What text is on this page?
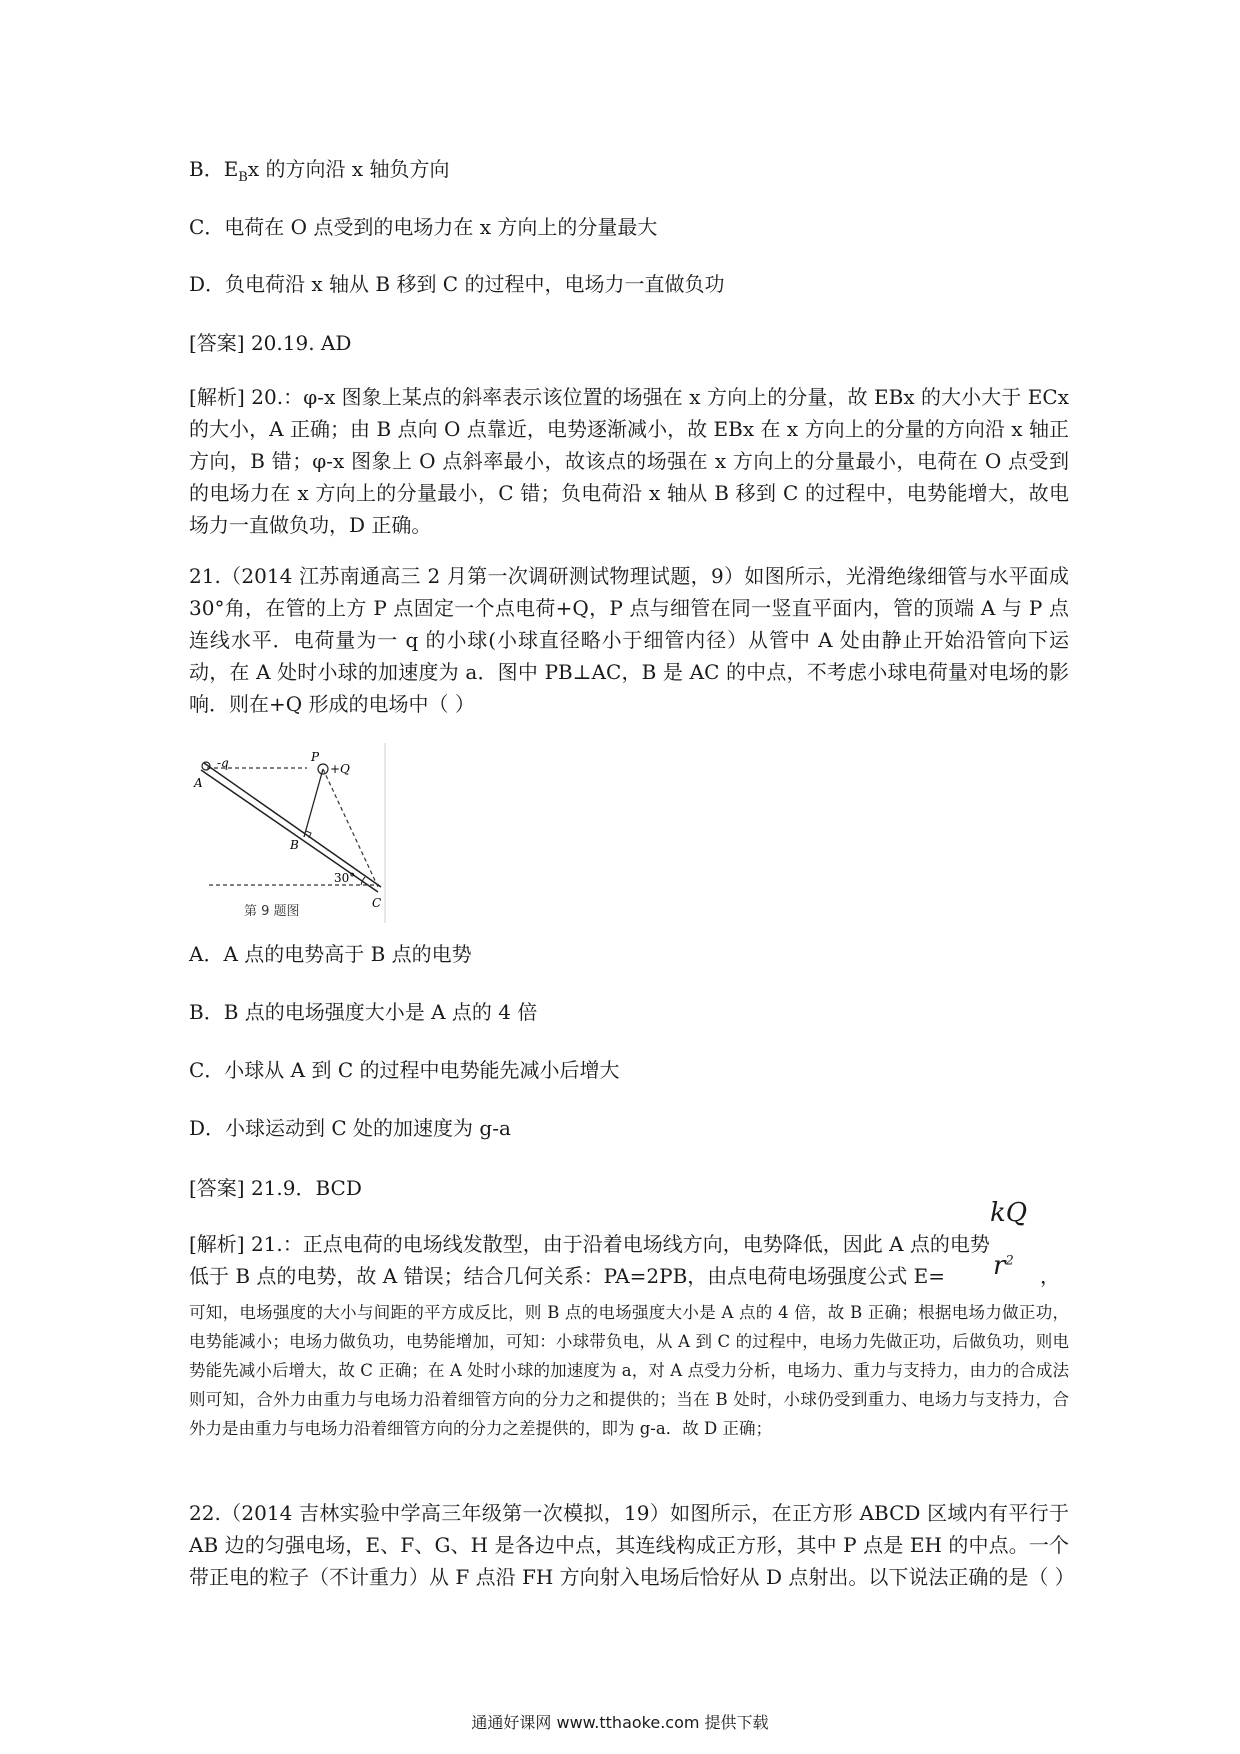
B．$E_Bx$ 的方向沿 x 轴负方向
C．电荷在 O 点受到的电场力在 x 方向上的分量最大
D．负电荷沿 x 轴从 B 移到 C 的过程中，电场力一直做负功
[答案] 20.19. AD
[解析] 20.：φ-x 图象上某点的斜率表示该位置的场强在 x 方向上的分量，故 EBx 的大小大于 ECx 的大小，A 正确；由 B 点向 O 点靠近，电势逐渐减小，故 EBx 在 x 方向上的分量的方向沿 x 轴正方向，B 错；φ-x 图象上 O 点斜率最小，故该点的场强在 x 方向上的分量最小，电荷在 O 点受到的电场力在 x 方向上的分量最小，C 错；负电荷沿 x 轴从 B 移到 C 的过程中，电势能增大，故电场力一直做负功，D 正确。
21.（2014 江苏南通高三 2 月第一次调研测试物理试题，9）如图所示，光滑绝缘细管与水平面成 30°角，在管的上方 P 点固定一个点电荷+Q，P 点与细管在同一竖直平面内，管的顶端 A 与 P 点连线水平．电荷量为一 q 的小球(小球直径略小于细管内径）从管中 A 处由静止开始沿管向下运动，在 A 处时小球的加速度为 a．图中 PB⊥AC，B 是 AC 的中点，不考虑小球电荷量对电场的影响．则在+Q 形成的电场中（ ）
-q
A
P
+Q
B
30°
C
第 9 题图
A．A 点的电势高于 B 点的电势
B．B 点的电场强度大小是 A 点的 4 倍
C．小球从 A 到 C 的过程中电势能先减小后增大
D．小球运动到 C 处的加速度为 g-a
[答案] 21.9．BCD
[解析] 21.：正点电荷的电场线发散型，由于沿着电场线方向，电势降低，因此 A 点的电势
低于 B 点的电势，故 A 错误；结合几何关系：PA=2PB，由点电荷电场强度公式 E=
kQ
$r^2$
，
可知，电场强度的大小与间距的平方成反比，则 B 点的电场强度大小是 A 点的 4 倍，故 B 正确；根据电场力做正功，电势能减小；电场力做负功，电势能增加，可知：小球带负电，从 A 到 C 的过程中，电场力先做正功，后做负功，则电势能先减小后增大，故 C 正确；在 A 处时小球的加速度为 a，对 A 点受力分析，电场力、重力与支持力，由力的合成法则可知，合外力由重力与电场力沿着细管方向的分力之和提供的；当在 B 处时，小球仍受到重力、电场力与支持力，合外力是由重力与电场力沿着细管方向的分力之差提供的，即为 g-a．故 D 正确；
22.（2014 吉林实验中学高三年级第一次模拟，19）如图所示，在正方形 ABCD 区域内有平行于 AB 边的匀强电场，E、F、G、H 是各边中点，其连线构成正方形，其中 P 点是 EH 的中点。一个带正电的粒子（不计重力）从 F 点沿 FH 方向射入电场后恰好从 D 点射出。以下说法正确的是（ ）
通通好课网 www.tthaoke.com 提供下载
